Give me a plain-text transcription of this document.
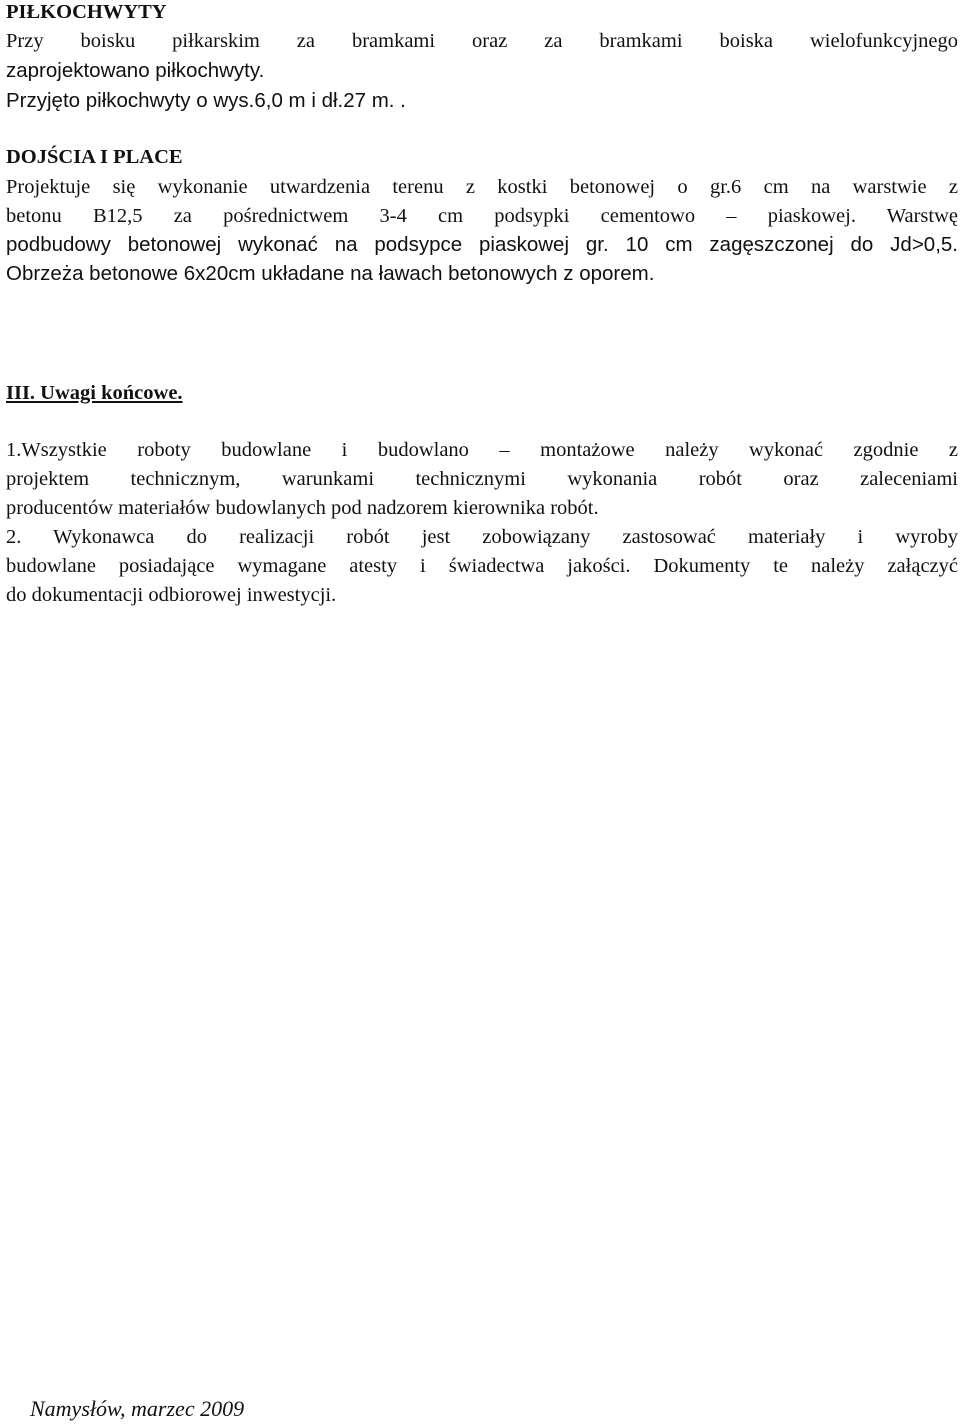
PIŁKOCHWYTY
Przy boisku piłkarskim za bramkami oraz za bramkami boiska wielofunkcyjnego
zaprojektowano piłkochwyty.
Przyjęto piłkochwyty o wys.6,0 m i dł.27 m. .
DOJŚCIA I PLACE
Projektuje się wykonanie utwardzenia terenu z kostki betonowej o gr.6 cm na warstwie z
betonu B12,5 za pośrednictwem 3-4 cm podsypki cementowo – piaskowej. Warstwę
podbudowy betonowej wykonać na podsypce piaskowej gr. 10 cm zagęszczonej do Jd>0,5.
Obrzeża betonowe 6x20cm układane na ławach betonowych z oporem.
III. Uwagi końcowe.
1.Wszystkie roboty budowlane i budowlano – montażowe należy wykonać zgodnie z
projektem technicznym, warunkami technicznymi wykonania robót oraz zaleceniami
producentów materiałów budowlanych pod nadzorem kierownika robót.
2. Wykonawca do realizacji robót jest zobowiązany zastosować materiały i wyroby
budowlane posiadające wymagane atesty i świadectwa jakości. Dokumenty te należy załączyć
do dokumentacji odbiorowej inwestycji.
Namysłów, marzec 2009
